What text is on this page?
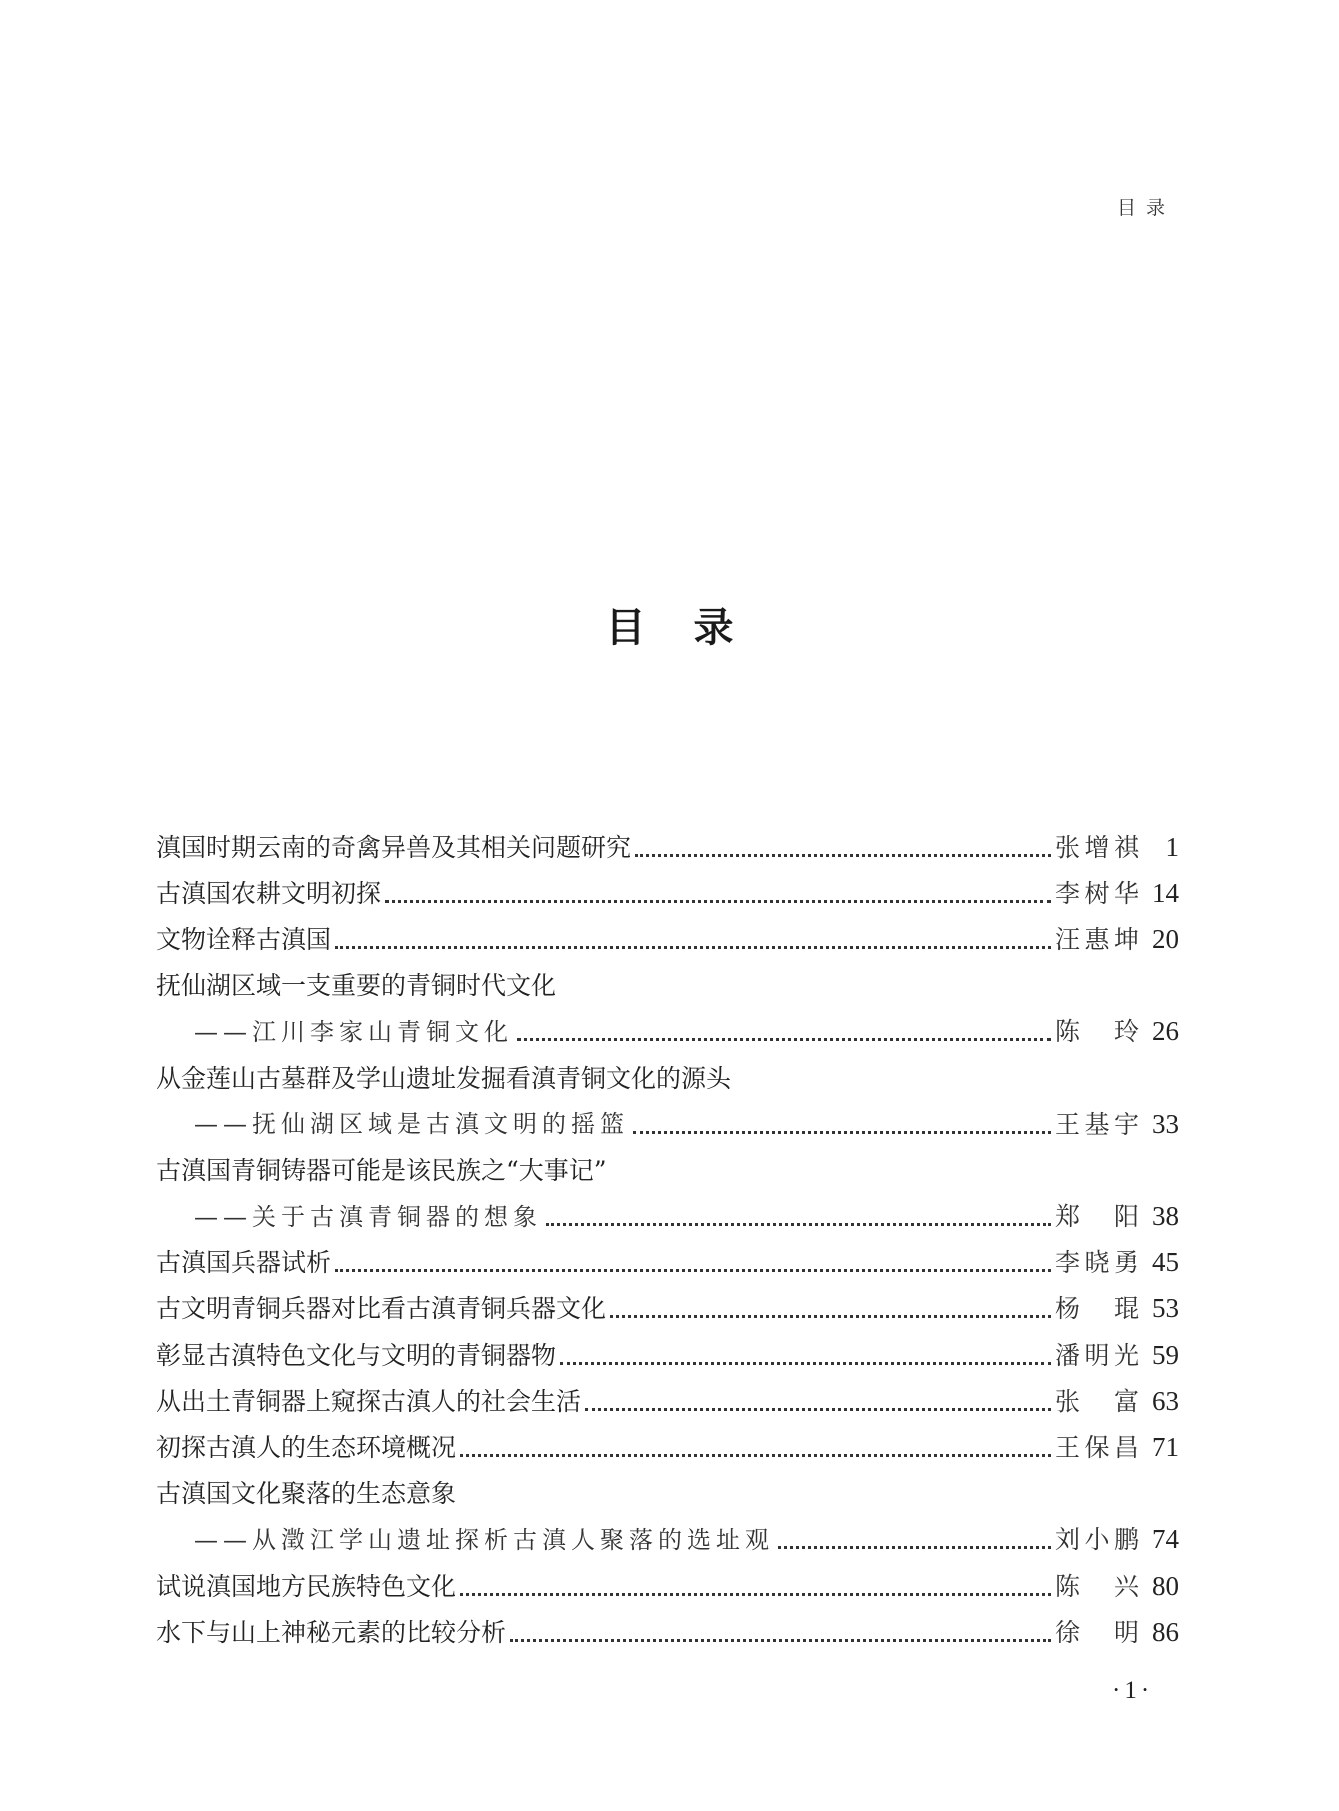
目录
目录
滇国时期云南的奇禽异兽及其相关问题研究	张 增 祺 1
古滇国农耕文明初探	李 树 华 14
文物诠释古滇国	汪 惠 坤 20
抚仙湖区域一支重要的青铜时代文化
——江川李家山青铜文化	陈 玲 26
从金莲山古墓群及学山遗址发掘看滇青铜文化的源头
——抚仙湖区域是古滇文明的摇篮	王 基 宇 33
古滇国青铜铸器可能是该民族之“大事记”
——关于古滇青铜器的想象	郑 阳 38
古滇国兵器试析	李 晓 勇 45
古文明青铜兵器对比看古滇青铜兵器文化	杨 琨 53
彰显古滇特色文化与文明的青铜器物	潘 明 光 59
从出土青铜器上窥探古滇人的社会生活	张 富 63
初探古滇人的生态环境概况	王 保 昌 71
古滇国文化聚落的生态意象
——从澂江学山遗址探析古滇人聚落的选址观	刘 小 鹏 74
试说滇国地方民族特色文化	陈 兴 80
水下与山上神秘元素的比较分析	徐 明 86
·1·
